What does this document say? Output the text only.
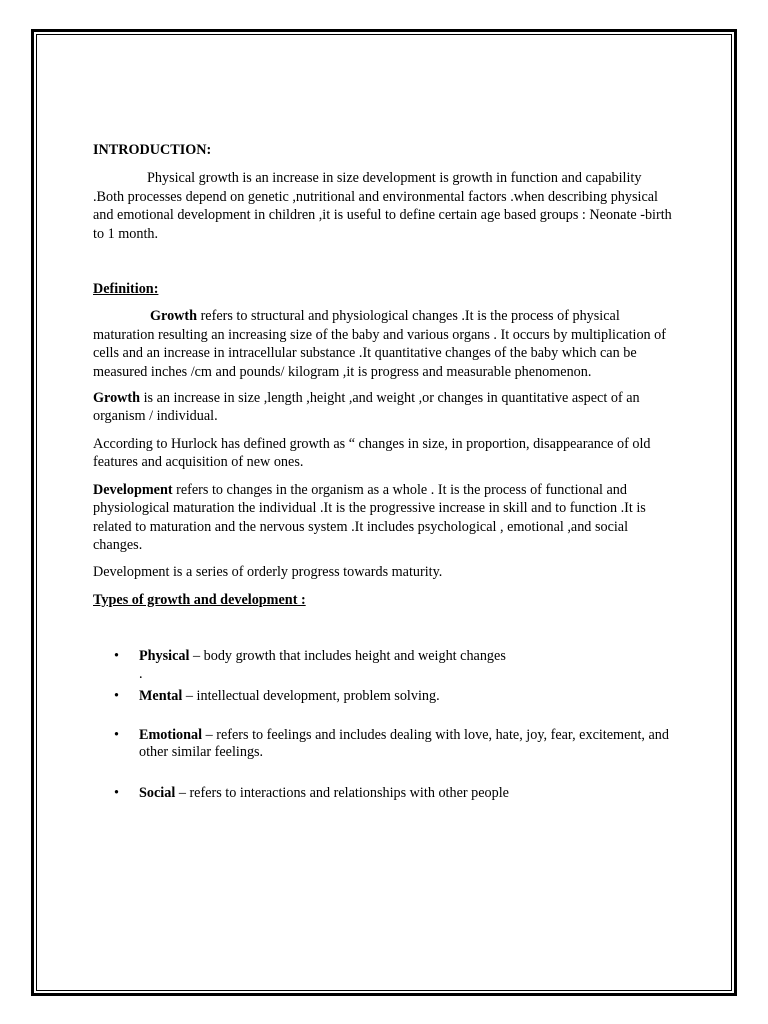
INTRODUCTION:

Physical growth is an increase in size development is growth in function and capability .Both processes depend on genetic ,nutritional and environmental factors .when describing physical and emotional development in children ,it is useful to define certain age based groups : Neonate -birth to 1 month.

Definition:

Growth refers to structural and physiological changes .It is the process of physical maturation resulting an increasing size of the baby and various organs . It occurs by multiplication of cells and an increase in intracellular substance .It quantitative changes of the baby which can be measured inches /cm and pounds/ kilogram ,it is progress and measurable phenomenon.

Growth is an increase in size ,length ,height ,and weight ,or changes in quantitative aspect of an organism / individual.

According to Hurlock has defined growth as “ changes in size, in proportion, disappearance of old features and acquisition of new ones.

Development refers to changes in the organism as a whole . It is the process of functional and physiological maturation the individual .It is the progressive increase in skill and to function .It is related to maturation and the nervous system .It includes psychological , emotional ,and social changes.

Development is a series of orderly progress towards maturity.

Types of growth and development :

• Physical – body growth that includes height and weight changes
.
• Mental – intellectual development, problem solving.
• Emotional – refers to feelings and includes dealing with love, hate, joy, fear, excitement, and other similar feelings.
• Social – refers to interactions and relationships with other people
